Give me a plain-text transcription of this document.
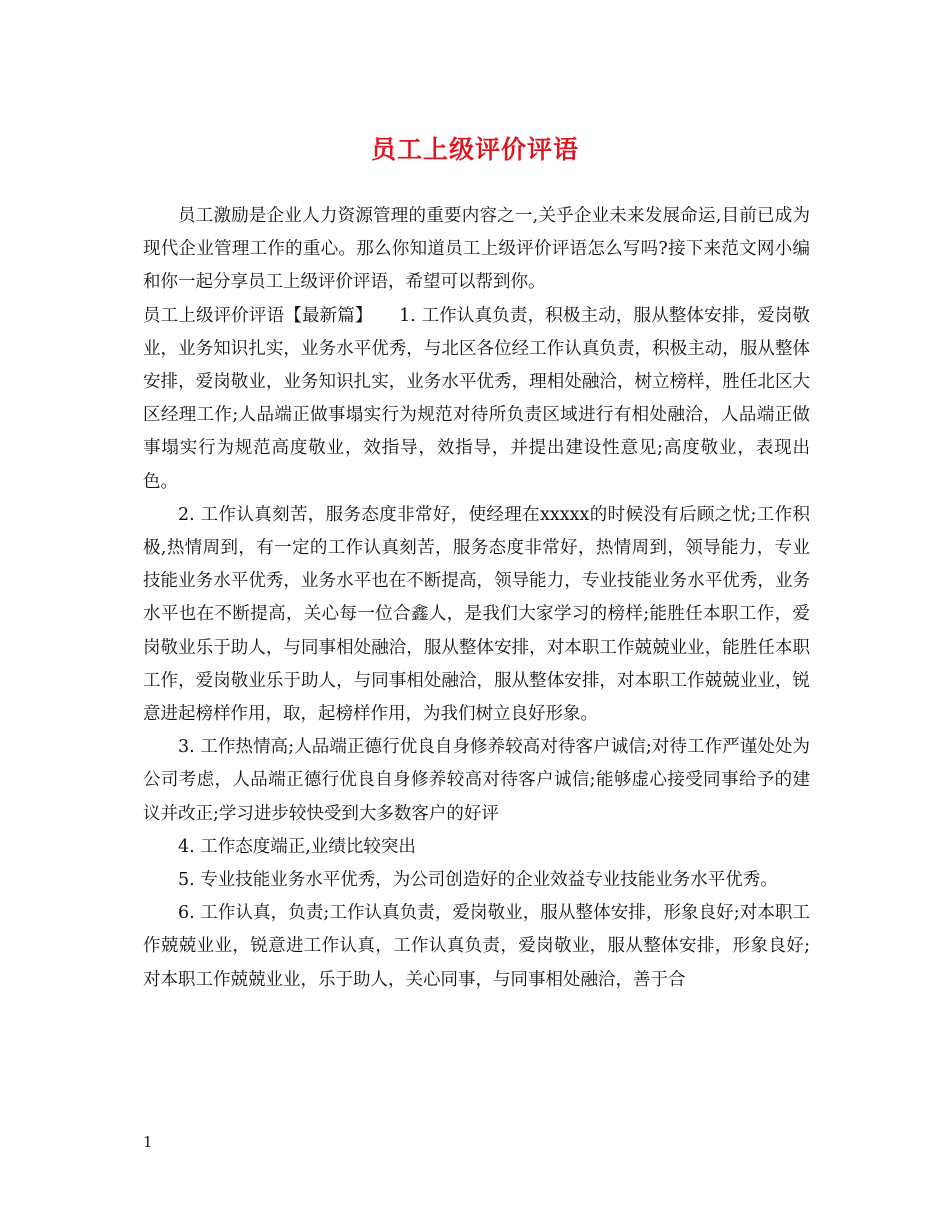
员工上级评价评语

员工激励是企业人力资源管理的重要内容之一,关乎企业未来发展命运,目前已成为现代企业管理工作的重心。那么你知道员工上级评价评语怎么写吗?接下来范文网小编和你一起分享员工上级评价评语，希望可以帮到你。

员工上级评价评语【最新篇】　　1. 工作认真负责，积极主动，服从整体安排，爱岗敬业，业务知识扎实，业务水平优秀，与北区各位经工作认真负责，积极主动，服从整体安排，爱岗敬业，业务知识扎实，业务水平优秀，理相处融洽，树立榜样，胜任北区大区经理工作;人品端正做事塌实行为规范对待所负责区域进行有相处融洽，人品端正做事塌实行为规范高度敬业，效指导，效指导，并提出建设性意见;高度敬业，表现出色。

2. 工作认真刻苦，服务态度非常好，使经理在xxxxx的时候没有后顾之忧;工作积极,热情周到，有一定的工作认真刻苦，服务态度非常好，热情周到，领导能力，专业技能业务水平优秀，业务水平也在不断提高，领导能力，专业技能业务水平优秀，业务水平也在不断提高，关心每一位合鑫人，是我们大家学习的榜样;能胜任本职工作，爱岗敬业乐于助人，与同事相处融洽，服从整体安排，对本职工作兢兢业业，能胜任本职工作，爱岗敬业乐于助人，与同事相处融洽，服从整体安排，对本职工作兢兢业业，锐意进起榜样作用，取，起榜样作用，为我们树立良好形象。

3. 工作热情高;人品端正德行优良自身修养较高对待客户诚信;对待工作严谨处处为公司考虑，人品端正德行优良自身修养较高对待客户诚信;能够虚心接受同事给予的建议并改正;学习进步较快受到大多数客户的好评

4. 工作态度端正,业绩比较突出

5. 专业技能业务水平优秀，为公司创造好的企业效益专业技能业务水平优秀。

6. 工作认真，负责;工作认真负责，爱岗敬业，服从整体安排，形象良好;对本职工作兢兢业业，锐意进工作认真，工作认真负责，爱岗敬业，服从整体安排，形象良好;对本职工作兢兢业业，乐于助人，关心同事，与同事相处融洽，善于合

1
